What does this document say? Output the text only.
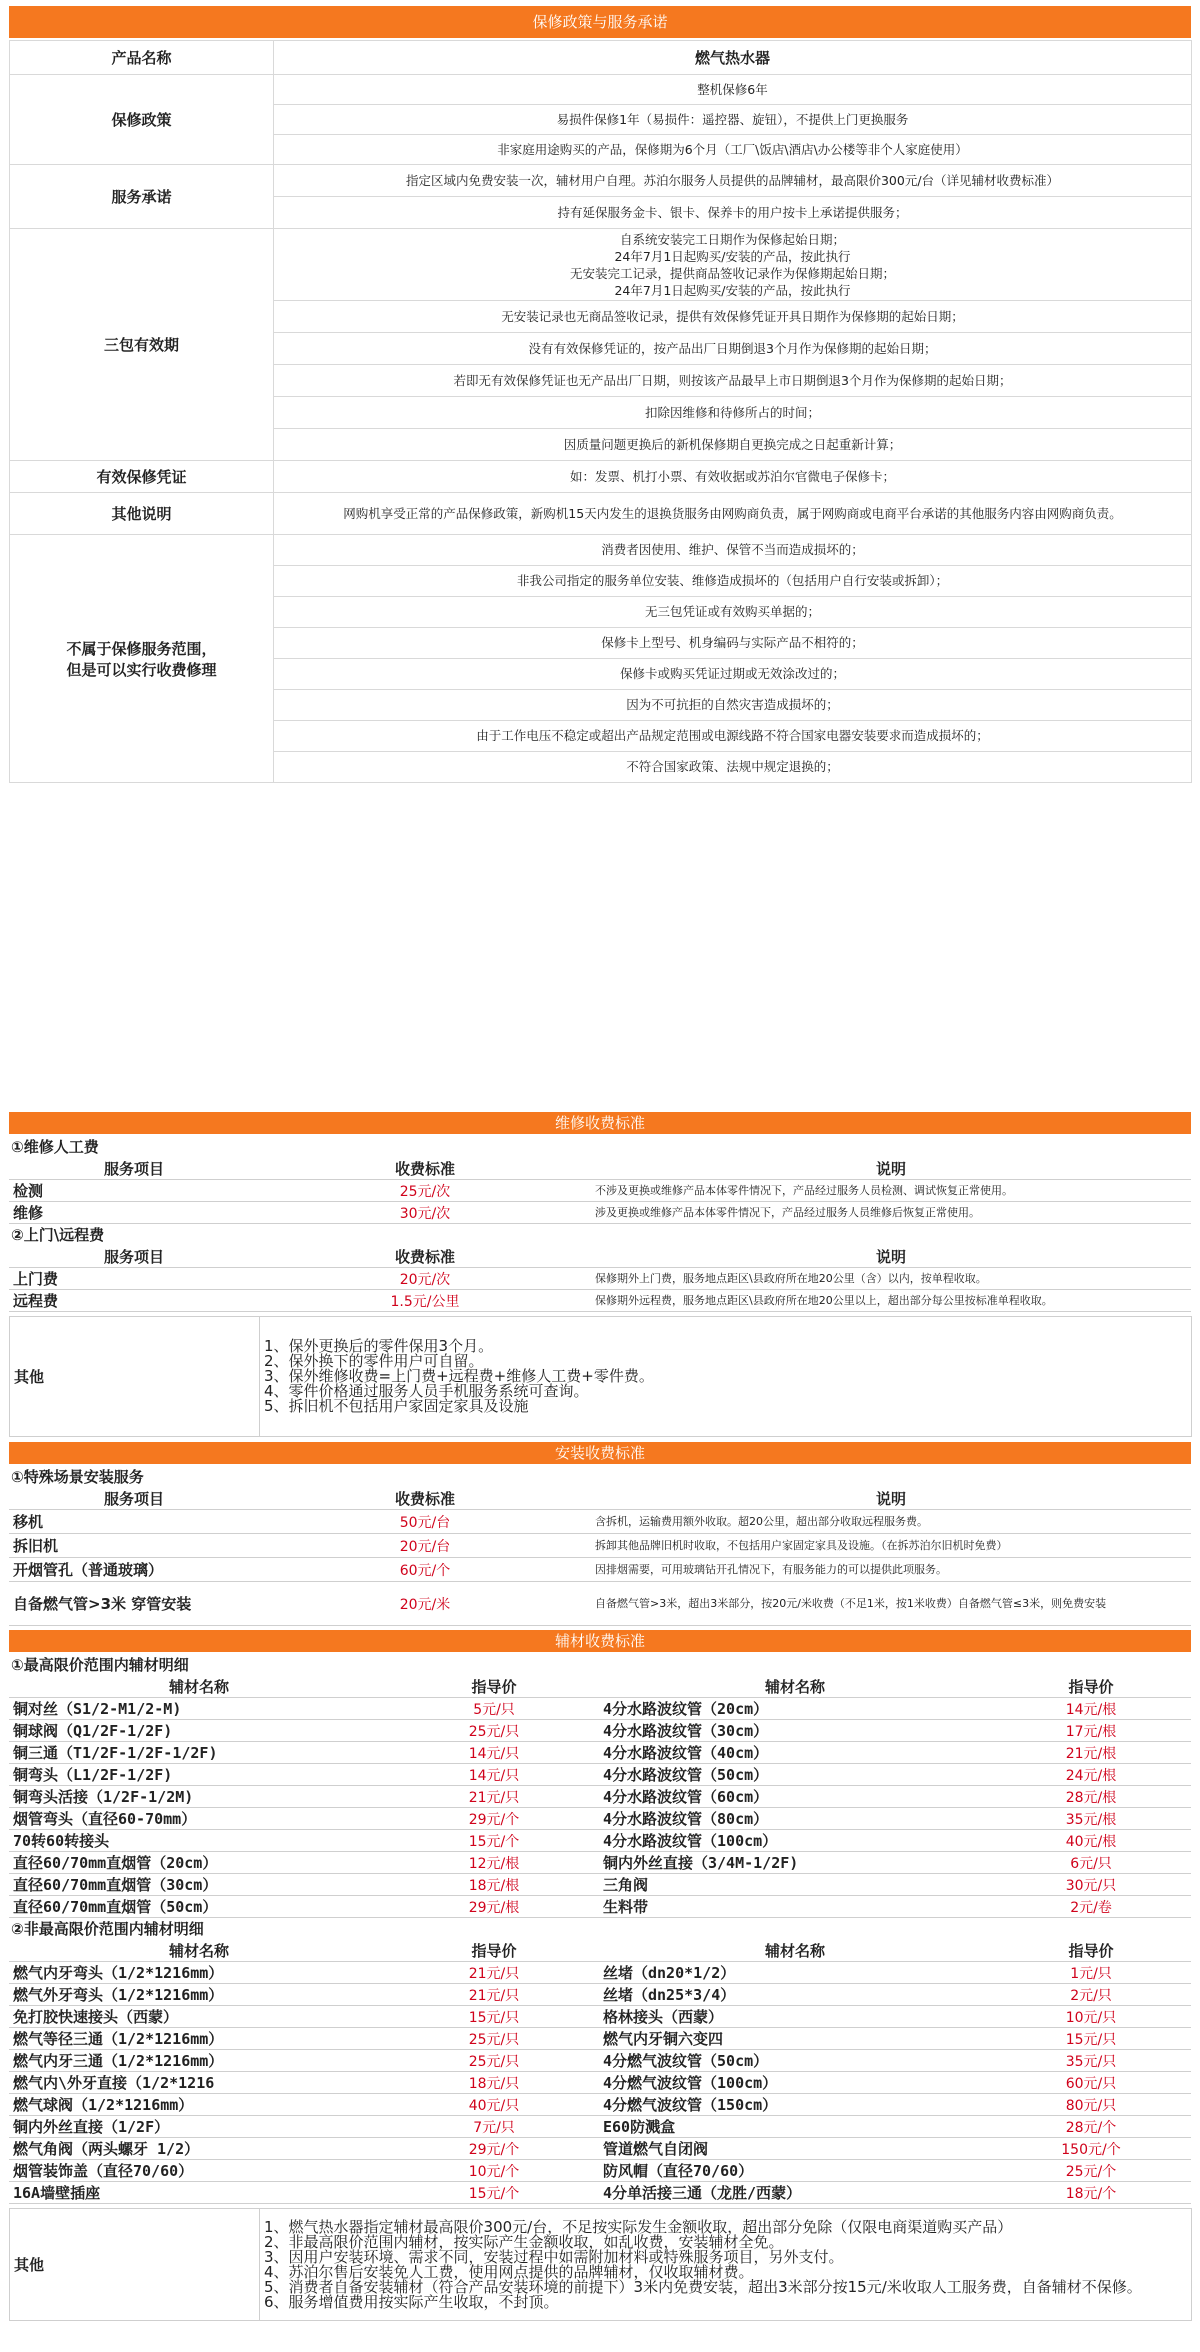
保修政策与服务承诺
产品名称	燃气热水器
保修政策	整机保修6年
	易损件保修1年（易损件：遥控器、旋钮），不提供上门更换服务
	非家庭用途购买的产品，保修期为6个月（工厂\饭店\酒店\办公楼等非个人家庭使用）
服务承诺	指定区域内免费安装一次，辅材用户自理。苏泊尔服务人员提供的品牌辅材，最高限价300元/台（详见辅材收费标准）
	持有延保服务金卡、银卡、保养卡的用户按卡上承诺提供服务；
三包有效期	自系统安装完工日期作为保修起始日期；
24年7月1日起购买/安装的产品，按此执行
无安装完工记录，提供商品签收记录作为保修期起始日期；
24年7月1日起购买/安装的产品，按此执行

	无安装记录也无商品签收记录，提供有效保修凭证开具日期作为保修期的起始日期；
	没有有效保修凭证的，按产品出厂日期倒退3个月作为保修期的起始日期；
	若即无有效保修凭证也无产品出厂日期，则按该产品最早上市日期倒退3个月作为保修期的起始日期；
	扣除因维修和待修所占的时间；
	因质量问题更换后的新机保修期自更换完成之日起重新计算；
有效保修凭证	如：发票、机打小票、有效收据或苏泊尔官微电子保修卡；
其他说明	网购机享受正常的产品保修政策，新购机15天内发生的退换货服务由网购商负责，属于网购商或电商平台承诺的其他服务内容由网购商负责。

不属于保修服务范围，
但是可以实行收费修理	消费者因使用、维护、保管不当而造成损坏的；
	非我公司指定的服务单位安装、维修造成损坏的（包括用户自行安装或拆卸）；
	无三包凭证或有效购买单据的；
	保修卡上型号、机身编码与实际产品不相符的；
	保修卡或购买凭证过期或无效涂改过的；
	因为不可抗拒的自然灾害造成损坏的；
	由于工作电压不稳定或超出产品规定范围或电源线路不符合国家电器安装要求而造成损坏的；
	不符合国家政策、法规中规定退换的；
维修收费标准
①维修人工费
服务项目	收费标准	说明
检测	25元/次	不涉及更换或维修产品本体零件情况下，产品经过服务人员检测、调试恢复正常使用。
维修	30元/次	涉及更换或维修产品本体零件情况下，产品经过服务人员维修后恢复正常使用。
②上门\远程费
服务项目	收费标准	说明
上门费	20元/次	保修期外上门费，服务地点距区\县政府所在地20公里（含）以内，按单程收取。
远程费	1.5元/公里	保修期外远程费，服务地点距区\县政府所在地20公里以上，超出部分每公里按标准单程收取。
其他	
1、保外更换后的零件保用3个月。
2、保外换下的零件用户可自留。
3、保外维修收费=上门费+远程费+维修人工费+零件费。
4、零件价格通过服务人员手机服务系统可查询。
5、拆旧机不包括用户家固定家具及设施
安装收费标准
①特殊场景安装服务
服务项目	收费标准	说明
移机	50元/台	含拆机，运输费用额外收取。超20公里，超出部分收取远程服务费。
拆旧机	20元/台	拆卸其他品牌旧机时收取，不包括用户家固定家具及设施。（在拆苏泊尔旧机时免费）
开烟管孔（普通玻璃）	60元/个	因排烟需要，可用玻璃钻开孔情况下，有服务能力的可以提供此项服务。
自备燃气管>3米 穿管安装	20元/米	自备燃气管>3米，超出3米部分，按20元/米收费（不足1米，按1米收费）自备燃气管≤3米，则免费安装
辅材收费标准
①最高限价范围内辅材明细
辅材名称	指导价	辅材名称	指导价
铜对丝（S1/2-M1/2-M)	5元/只	4分水路波纹管（20cm）	14元/根
铜球阀（Q1/2F-1/2F)	25元/只	4分水路波纹管（30cm）	17元/根
铜三通（T1/2F-1/2F-1/2F)	14元/只	4分水路波纹管（40cm）	21元/根
铜弯头（L1/2F-1/2F)	14元/只	4分水路波纹管（50cm）	24元/根
铜弯头活接（1/2F-1/2M)	21元/只	4分水路波纹管（60cm）	28元/根
烟管弯头（直径60-70mm）	29元/个	4分水路波纹管（80cm）	35元/根
70转60转接头	15元/个	4分水路波纹管（100cm）	40元/根
直径60/70mm直烟管（20cm）	12元/根	铜内外丝直接（3/4M-1/2F)	6元/只
直径60/70mm直烟管（30cm）	18元/根	三角阀	30元/只
直径60/70mm直烟管（50cm）	29元/根	生料带	2元/卷
②非最高限价范围内辅材明细
辅材名称	指导价	辅材名称	指导价
燃气内牙弯头（1/2*1216mm）	21元/只	丝堵（dn20*1/2）	1元/只
燃气外牙弯头（1/2*1216mm）	21元/只	丝堵（dn25*3/4）	2元/只
免打胶快速接头（西蒙）	15元/只	格林接头（西蒙）	10元/只
燃气等径三通（1/2*1216mm）	25元/只	燃气内牙铜六变四	15元/只
燃气内牙三通（1/2*1216mm）	25元/只	4分燃气波纹管（50cm）	35元/只
燃气内\外牙直接（1/2*1216	18元/只	4分燃气波纹管（100cm）	60元/只
燃气球阀（1/2*1216mm）	40元/只	4分燃气波纹管（150cm）	80元/只
铜内外丝直接（1/2F）	7元/只	E60防溅盒	28元/个
燃气角阀（两头螺牙 1/2）	29元/个	管道燃气自闭阀	150元/个
烟管装饰盖（直径70/60）	10元/个	防风帽（直径70/60）	25元/个
16A墙壁插座	15元/个	4分单活接三通（龙胜/西蒙）	18元/个
其他	
1、燃气热水器指定辅材最高限价300元/台，不足按实际发生金额收取，超出部分免除（仅限电商渠道购买产品）
2、非最高限价范围内辅材，按实际产生金额收取，如乱收费，安装辅材全免。
3、因用户安装环境、需求不同，安装过程中如需附加材料或特殊服务项目，另外支付。
4、苏泊尔售后安装免人工费，使用网点提供的品牌辅材，仅收取辅材费。
5、消费者自备安装辅材（符合产品安装环境的前提下）3米内免费安装，超出3米部分按15元/米收取人工服务费，自备辅材不保修。
6、服务增值费用按实际产生收取，不封顶。
